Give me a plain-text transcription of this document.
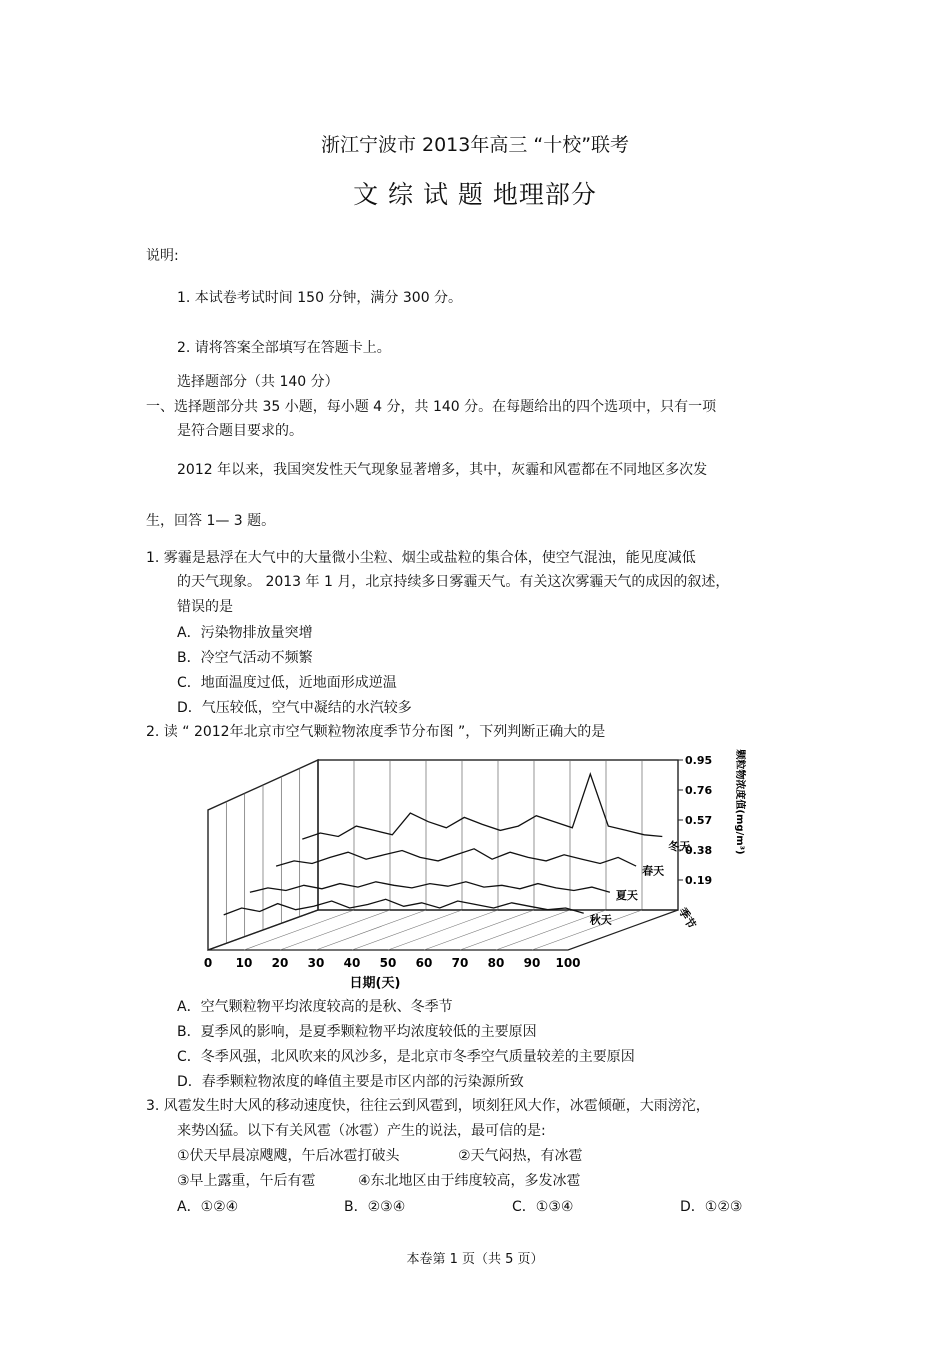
浙江宁波市 2013年高三 “十校”联考
文 综 试 题 地理部分
说明:
1. 本试卷考试时间 150 分钟，满分 300 分。
2. 请将答案全部填写在答题卡上。
选择题部分（共 140 分）
一、选择题部分共 35 小题，每小题 4 分，共 140 分。在每题给出的四个选项中，只有一项
是符合题目要求的。
2012 年以来，我国突发性天气现象显著增多，其中，灰霾和风雹都在不同地区多次发
生，回答 1— 3 题。
1. 雾霾是悬浮在大气中的大量微小尘粒、烟尘或盐粒的集合体，使空气混浊，能见度减低
的天气现象。 2013 年 1 月，北京持续多日雾霾天气。有关这次雾霾天气的成因的叙述，
错误的是
A．污染物排放量突增
B．冷空气活动不频繁
C．地面温度过低，近地面形成逆温
D．气压较低，空气中凝结的水汽较多
2. 读 “ 2012年北京市空气颗粒物浓度季节分布图 ”，下列判断正确大的是
冬天
春天
夏天
秋天
0.95
0.76
0.57
0.38
0.19
0 10 20 30 40 50 60 70 80 90 100
日期(天)
颗粒物浓度值(mg/m³)
季节
A．空气颗粒物平均浓度较高的是秋、冬季节
B．夏季风的影响，是夏季颗粒物平均浓度较低的主要原因
C．冬季风强，北风吹来的风沙多，是北京市冬季空气质量较差的主要原因
D．春季颗粒物浓度的峰值主要是市区内部的污染源所致
3. 风雹发生时大风的移动速度快，往往云到风雹到，顷刻狂风大作，冰雹倾砸，大雨滂沱，
来势凶猛。以下有关风雹（冰雹）产生的说法，最可信的是:
①伏天早晨凉飕飕，午后冰雹打破头	②天气闷热，有冰雹
③早上露重，午后有雹	④东北地区由于纬度较高，多发冰雹
A．①②④	B．②③④	C．①③④	D．①②③
本卷第 1 页（共 5 页）
